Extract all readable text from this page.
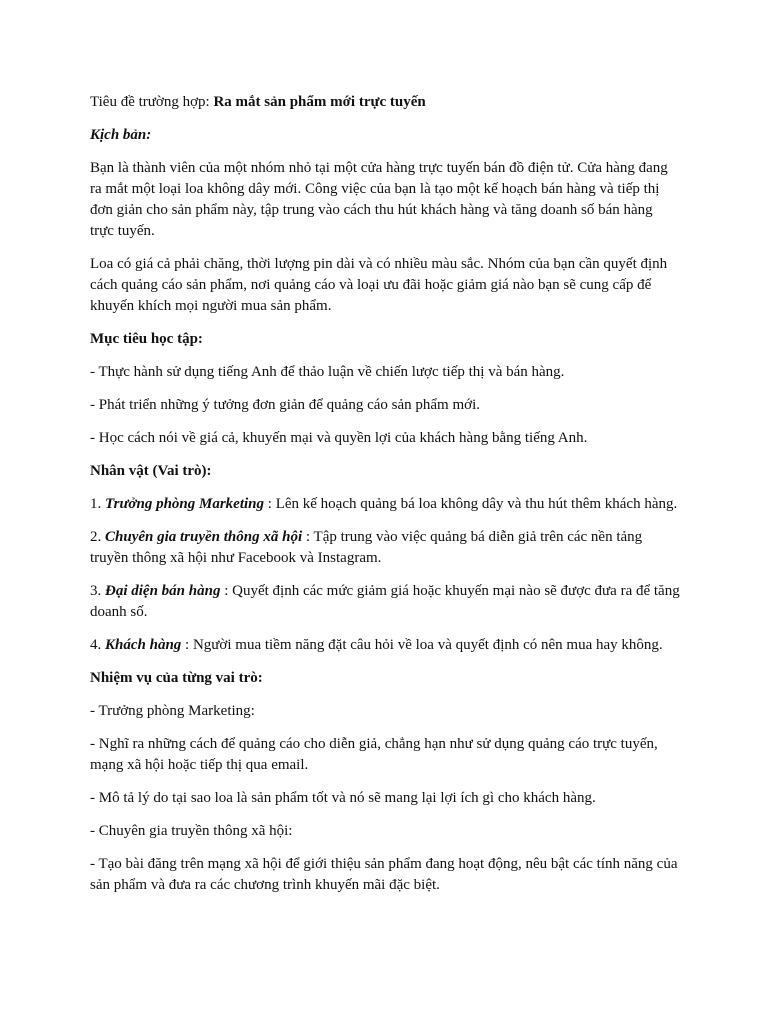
Tiêu đề trường hợp: Ra mắt sản phẩm mới trực tuyến

Kịch bản:

Bạn là thành viên của một nhóm nhỏ tại một cửa hàng trực tuyến bán đồ điện tử. Cửa hàng đang ra mắt một loại loa không dây mới. Công việc của bạn là tạo một kế hoạch bán hàng và tiếp thị đơn giản cho sản phẩm này, tập trung vào cách thu hút khách hàng và tăng doanh số bán hàng trực tuyến.

Loa có giá cả phải chăng, thời lượng pin dài và có nhiều màu sắc. Nhóm của bạn cần quyết định cách quảng cáo sản phẩm, nơi quảng cáo và loại ưu đãi hoặc giảm giá nào bạn sẽ cung cấp để khuyến khích mọi người mua sản phẩm.

Mục tiêu học tập:

- Thực hành sử dụng tiếng Anh để thảo luận về chiến lược tiếp thị và bán hàng.

- Phát triển những ý tưởng đơn giản để quảng cáo sản phẩm mới.

- Học cách nói về giá cả, khuyến mại và quyền lợi của khách hàng bằng tiếng Anh.

Nhân vật (Vai trò):

1. Trưởng phòng Marketing : Lên kế hoạch quảng bá loa không dây và thu hút thêm khách hàng.

2. Chuyên gia truyền thông xã hội : Tập trung vào việc quảng bá diễn giả trên các nền tảng truyền thông xã hội như Facebook và Instagram.

3. Đại diện bán hàng : Quyết định các mức giảm giá hoặc khuyến mại nào sẽ được đưa ra để tăng doanh số.

4. Khách hàng : Người mua tiềm năng đặt câu hỏi về loa và quyết định có nên mua hay không.

Nhiệm vụ của từng vai trò:

- Trưởng phòng Marketing:

- Nghĩ ra những cách để quảng cáo cho diễn giả, chẳng hạn như sử dụng quảng cáo trực tuyến, mạng xã hội hoặc tiếp thị qua email.

- Mô tả lý do tại sao loa là sản phẩm tốt và nó sẽ mang lại lợi ích gì cho khách hàng.

- Chuyên gia truyền thông xã hội:

- Tạo bài đăng trên mạng xã hội để giới thiệu sản phẩm đang hoạt động, nêu bật các tính năng của sản phẩm và đưa ra các chương trình khuyến mãi đặc biệt.
